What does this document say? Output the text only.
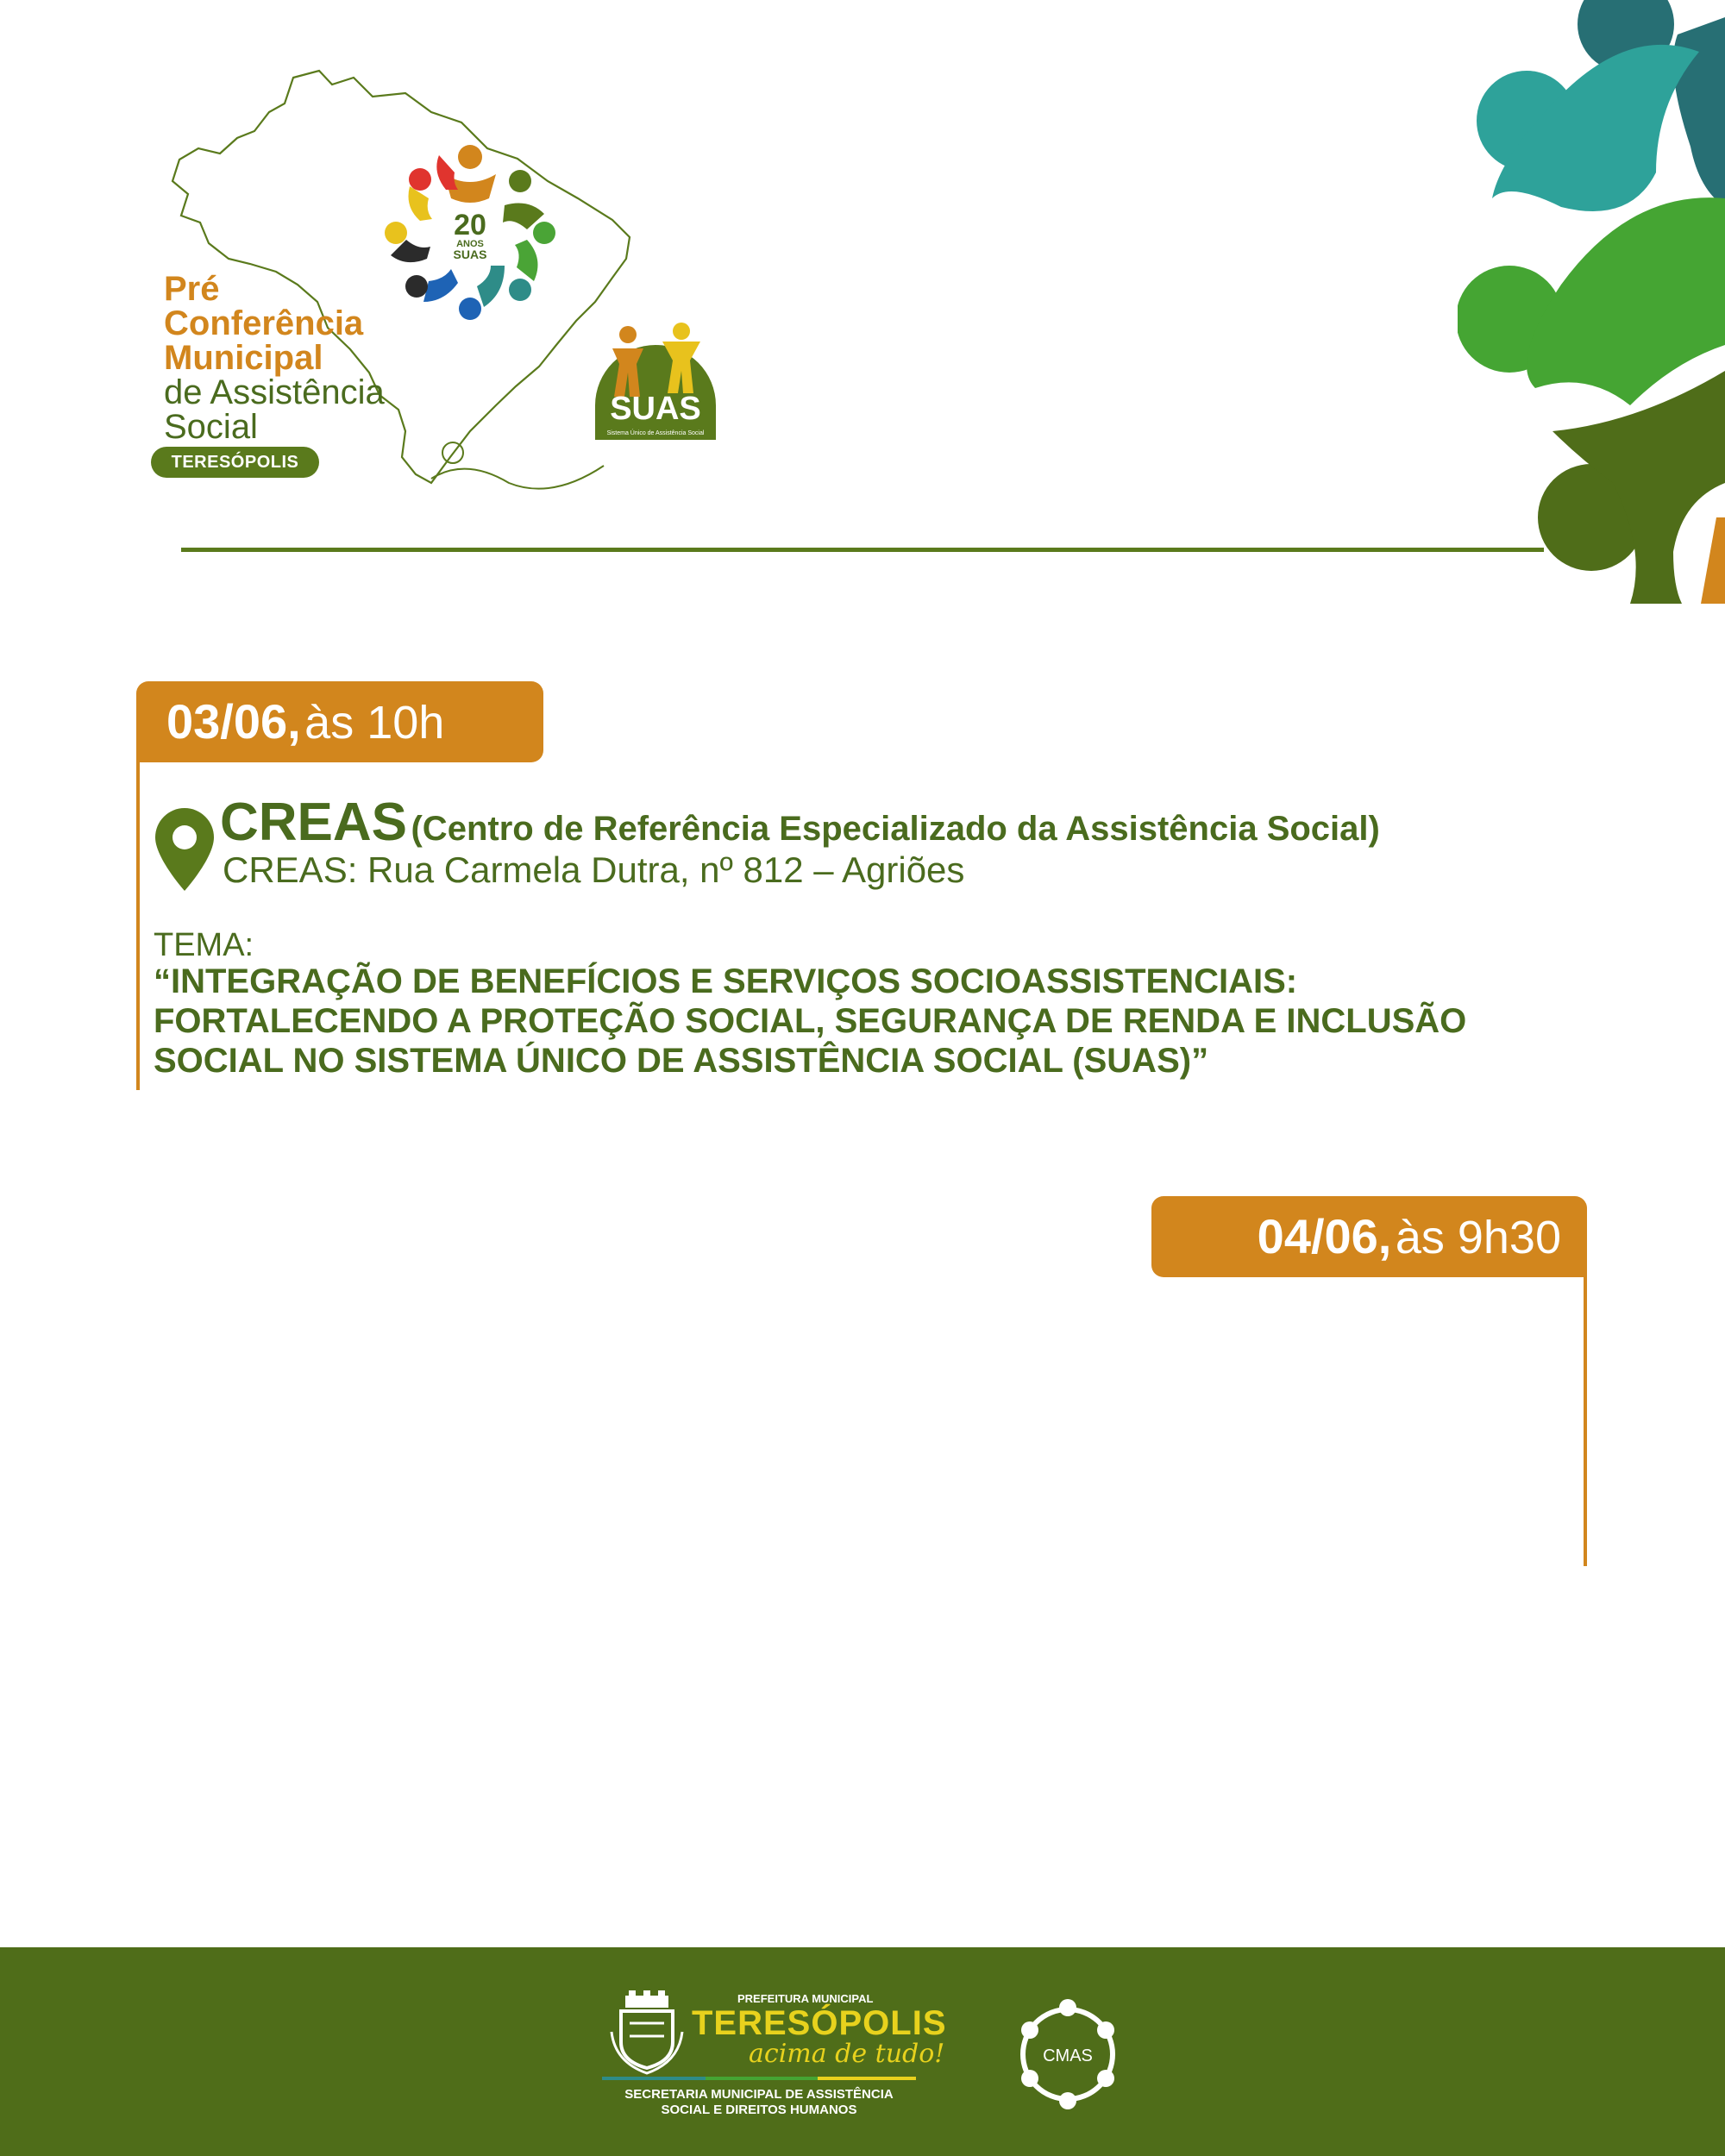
20
ANOS
SUAS
Pré
Conferência
Municipal
de Assistência
Social
TERESÓPOLIS
SUAS
Sistema Único de Assistência Social
03/06, às 10h
CREAS (Centro de Referência Especializado da Assistência Social)
CREAS: Rua Carmela Dutra, nº 812 – Agriões
TEMA:
“INTEGRAÇÃO DE BENEFÍCIOS E SERVIÇOS SOCIOASSISTENCIAIS:
FORTALECENDO A PROTEÇÃO SOCIAL, SEGURANÇA DE RENDA E INCLUSÃO
SOCIAL NO SISTEMA ÚNICO DE ASSISTÊNCIA SOCIAL (SUAS)”
04/06, às 9h30
PREFEITURA MUNICIPAL
TERESÓPOLIS
acima de tudo!
SECRETARIA MUNICIPAL DE ASSISTÊNCIA
SOCIAL E DIREITOS HUMANOS
CMAS
